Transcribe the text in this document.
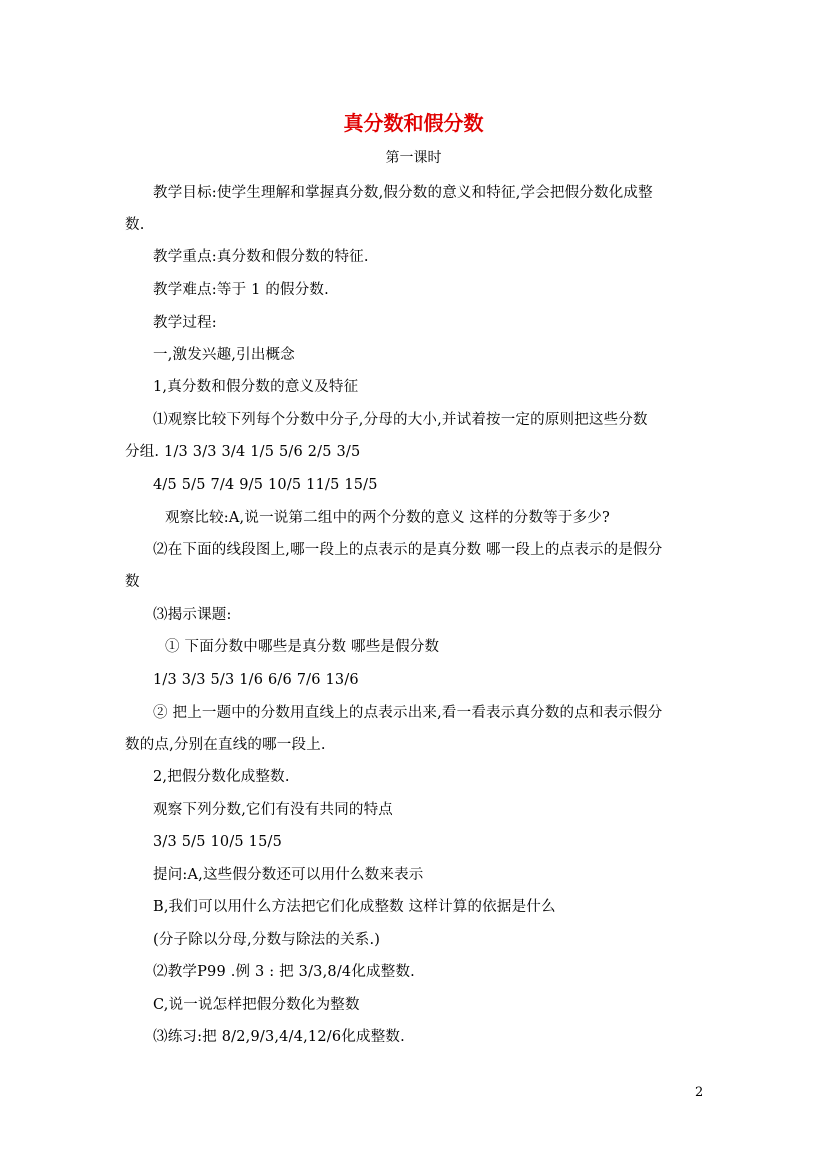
真分数和假分数
第一课时
教学目标:使学生理解和掌握真分数,假分数的意义和特征,学会把假分数化成整
数.
教学重点:真分数和假分数的特征.
教学难点:等于 1 的假分数.
教学过程:
一,激发兴趣,引出概念
1,真分数和假分数的意义及特征
⑴观察比较下列每个分数中分子,分母的大小,并试着按一定的原则把这些分数
分组. 1/3 3/3 3/4 1/5 5/6 2/5 3/5
4/5 5/5 7/4 9/5 10/5 11/5 15/5
观察比较:A,说一说第二组中的两个分数的意义 这样的分数等于多少?
⑵在下面的线段图上,哪一段上的点表示的是真分数 哪一段上的点表示的是假分
数
⑶揭示课题:
① 下面分数中哪些是真分数 哪些是假分数
1/3 3/3 5/3 1/6 6/6 7/6 13/6
② 把上一题中的分数用直线上的点表示出来,看一看表示真分数的点和表示假分
数的点,分别在直线的哪一段上.
2,把假分数化成整数.
观察下列分数,它们有没有共同的特点
3/3 5/5 10/5 15/5
提问:A,这些假分数还可以用什么数来表示
B,我们可以用什么方法把它们化成整数 这样计算的依据是什么
(分子除以分母,分数与除法的关系.)
⑵教学P99 .例 3 : 把 3/3,8/4化成整数.
C,说一说怎样把假分数化为整数
⑶练习:把 8/2,9/3,4/4,12/6化成整数.
2
